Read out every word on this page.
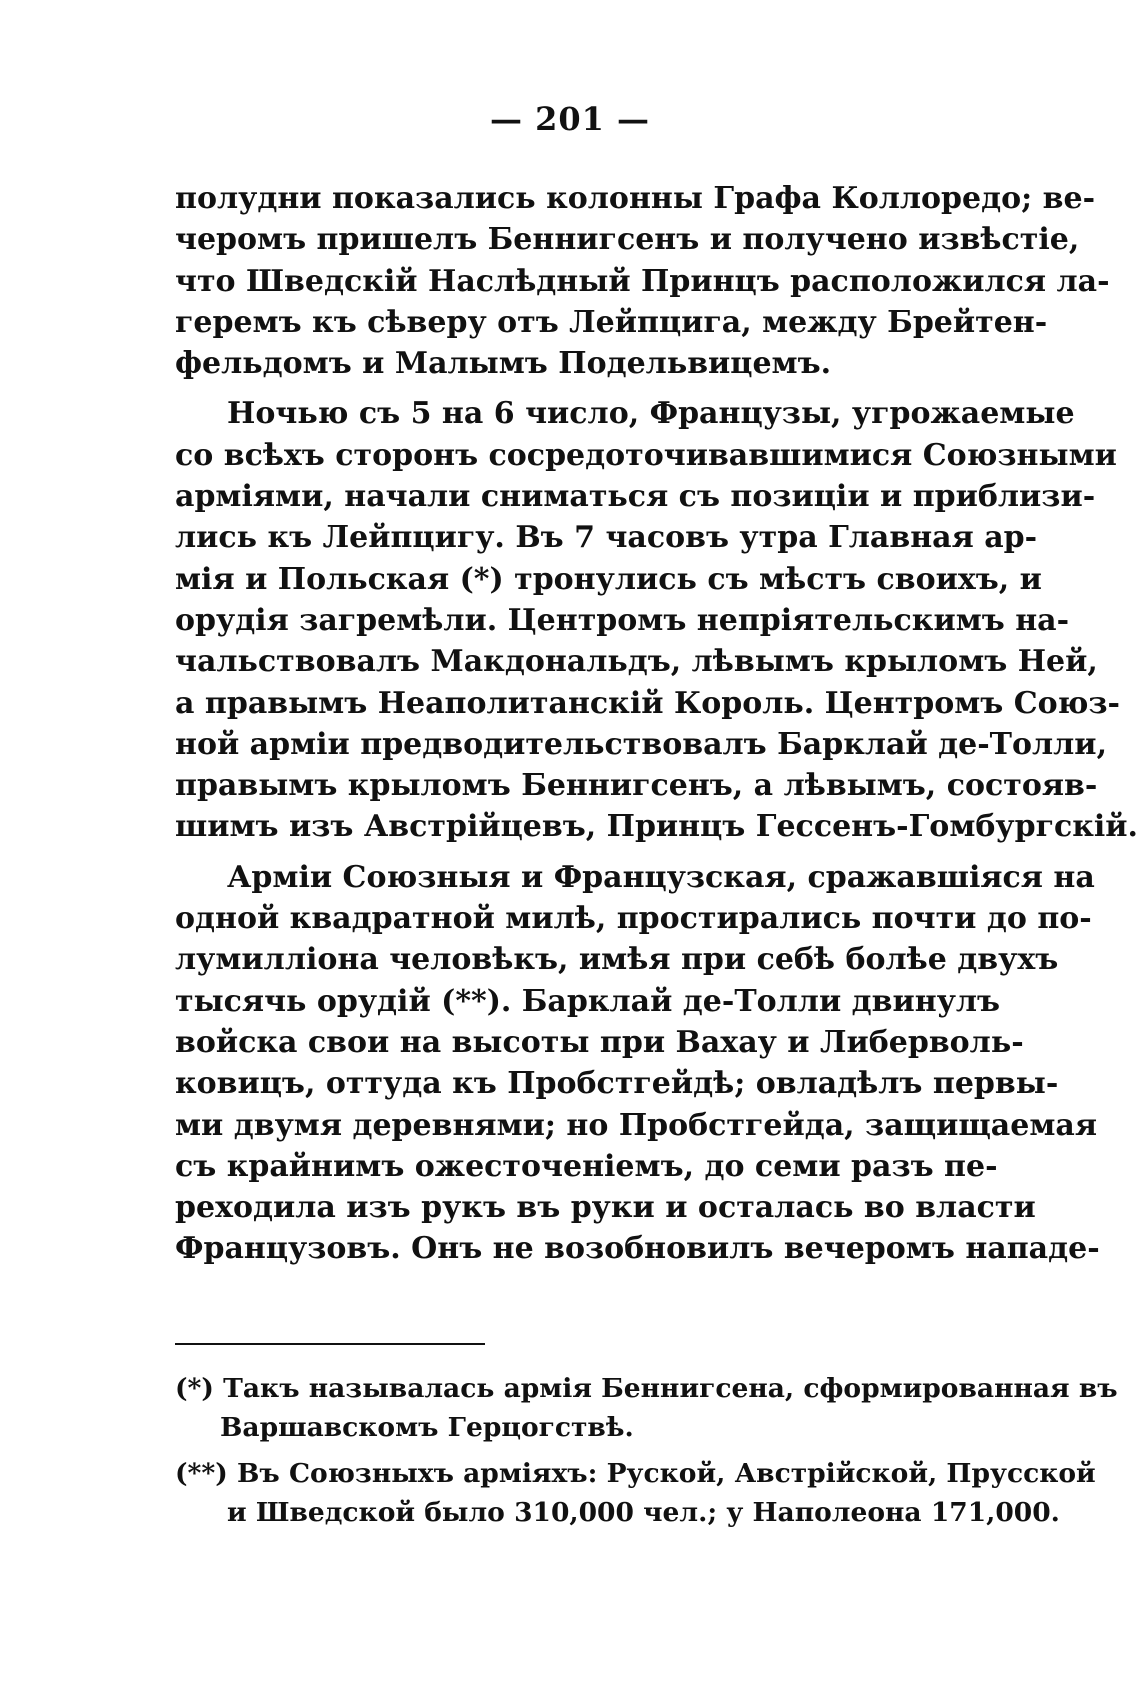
— 201 —
полудни показались колонны Графа Коллоредо; ве-
черомъ пришелъ Беннигсенъ и получено извѣстіе,
что Шведскій Наслѣдный Принцъ расположился ла-
геремъ къ сѣверу отъ Лейпцига, между Брейтен-
фельдомъ и Малымъ Подельвицемъ.
Ночью съ 5 на 6 число, Французы, угрожаемые
со всѣхъ сторонъ сосредоточивавшимися Союзными
арміями, начали сниматься съ позиціи и приблизи-
лись къ Лейпцигу. Въ 7 часовъ утра Главная ар-
мія и Польская (*) тронулись съ мѣстъ своихъ, и
орудія загремѣли. Центромъ непріятельскимъ на-
чальствовалъ Макдональдъ, лѣвымъ крыломъ Ней,
а правымъ Неаполитанскій Король. Центромъ Союз-
ной арміи предводительствовалъ Барклай де-Толли,
правымъ крыломъ Беннигсенъ, а лѣвымъ, состояв-
шимъ изъ Австрійцевъ, Принцъ Гессенъ-Гомбургскій.
Арміи Союзныя и Французская, сражавшіяся на
одной квадратной милѣ, простирались почти до по-
лумилліона человѣкъ, имѣя при себѣ болѣе двухъ
тысячь орудій (**). Барклай де-Толли двинулъ
войска свои на высоты при Вахау и Либерволь-
ковицъ, оттуда къ Пробстгейдѣ; овладѣлъ первы-
ми двумя деревнями; но Пробстгейда, защищаемая
съ крайнимъ ожесточеніемъ, до семи разъ пе-
реходила изъ рукъ въ руки и осталась во власти
Французовъ. Онъ не возобновилъ вечеромъ нападе-
(*) Такъ называлась армія Беннигсена, сформированная въ
Варшавскомъ Герцогствѣ.
(**) Въ Союзныхъ арміяхъ: Руской, Австрійской, Прусской
и Шведской было 310,000 чел.; у Наполеона 171,000.
